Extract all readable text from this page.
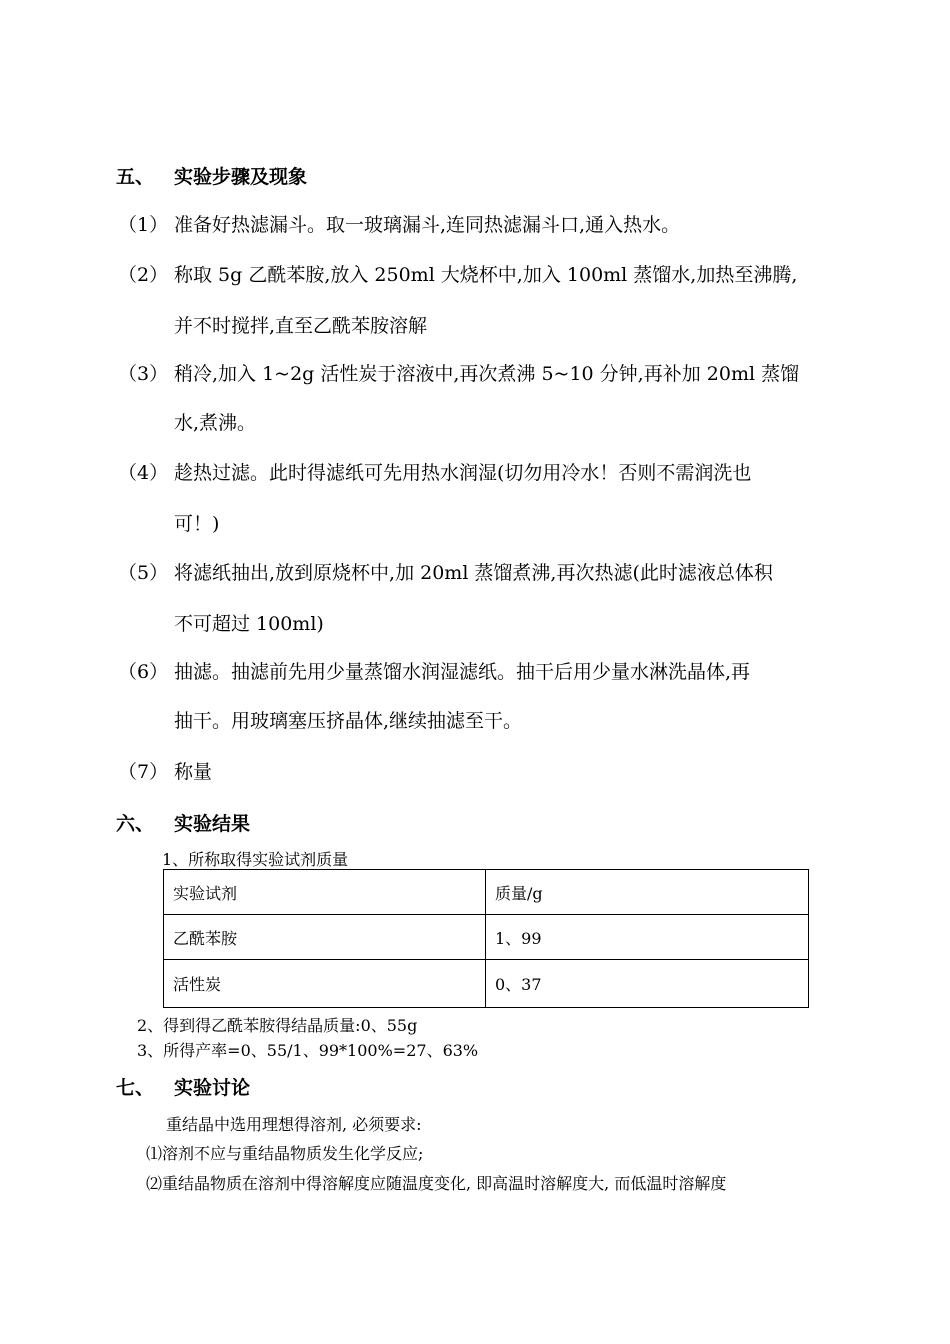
五、 实验步骤及现象
（1） 准备好热滤漏斗。取一玻璃漏斗,连同热滤漏斗口,通入热水。
（2） 称取 5g 乙酰苯胺,放入 250ml 大烧杯中,加入 100ml 蒸馏水,加热至沸腾,
并不时搅拌,直至乙酰苯胺溶解
（3） 稍冷,加入 1~2g 活性炭于溶液中,再次煮沸 5~10 分钟,再补加 20ml 蒸馏
水,煮沸。
（4） 趁热过滤。此时得滤纸可先用热水润湿(切勿用冷水！否则不需润洗也
可！)
（5） 将滤纸抽出,放到原烧杯中,加 20ml 蒸馏煮沸,再次热滤(此时滤液总体积
不可超过 100ml)
（6） 抽滤。抽滤前先用少量蒸馏水润湿滤纸。抽干后用少量水淋洗晶体,再
抽干。用玻璃塞压挤晶体,继续抽滤至干。
（7） 称量
六、 实验结果
1、所称取得实验试剂质量
实验试剂	质量/g
乙酰苯胺	1、99
活性炭	0、37
2、得到得乙酰苯胺得结晶质量:0、55g
3、所得产率=0、55/1、99*100%=27、63%
七、 实验讨论
重结晶中选用理想得溶剂, 必须要求:
⑴溶剂不应与重结晶物质发生化学反应;
⑵重结晶物质在溶剂中得溶解度应随温度变化, 即高温时溶解度大, 而低温时溶解度
